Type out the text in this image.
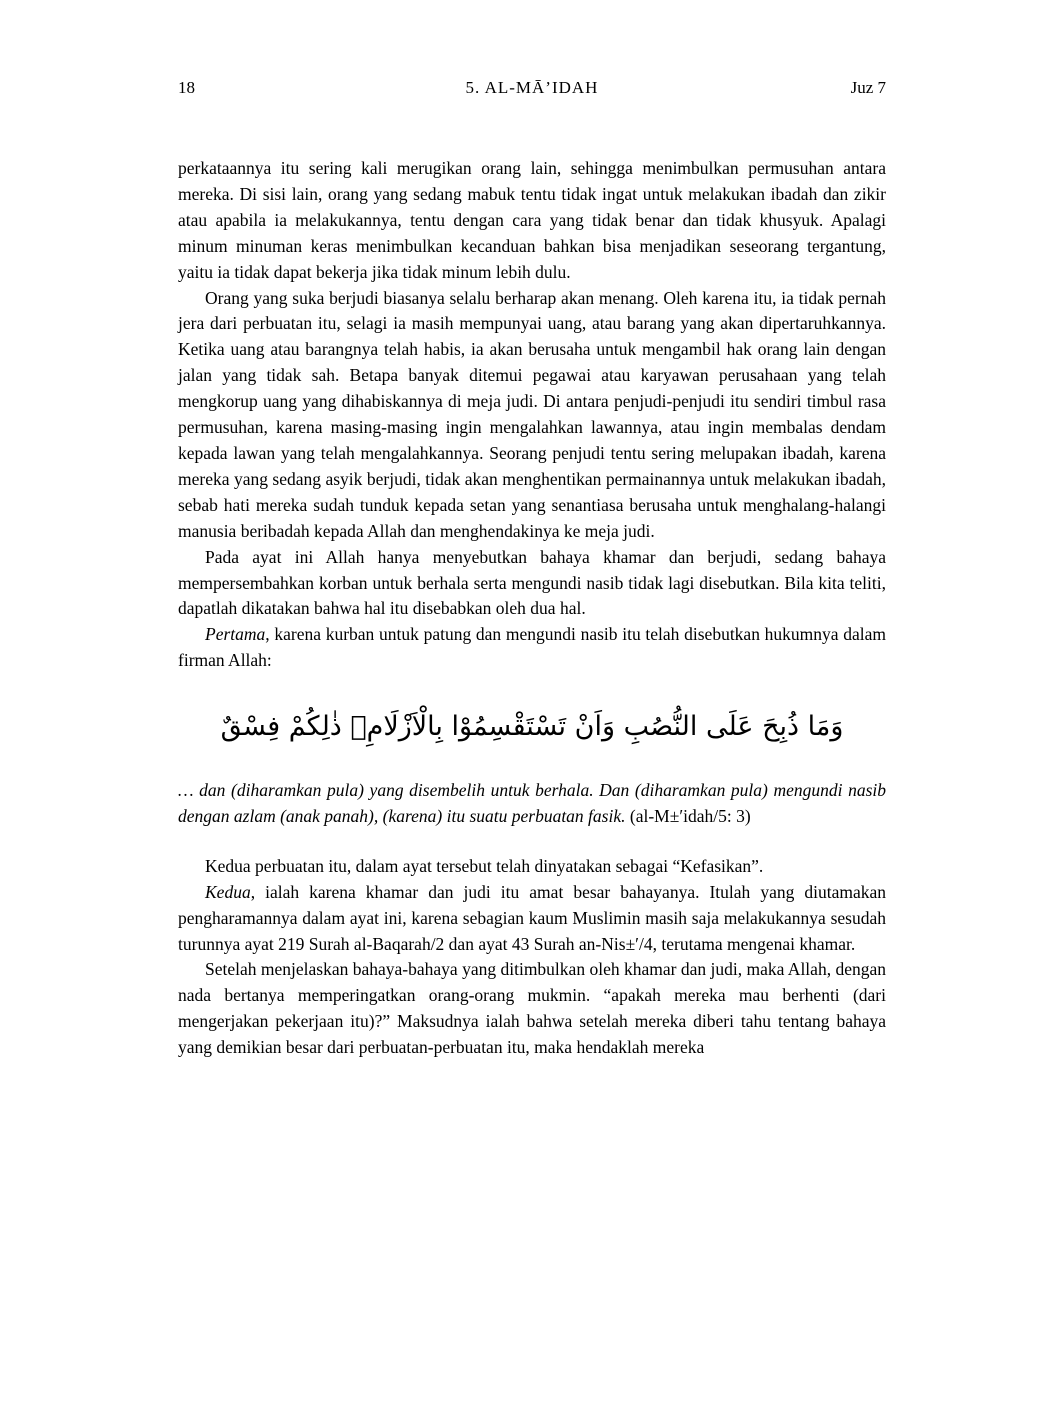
18	5. AL-MĀ’IDAH	Juz 7

perkataannya itu sering kali merugikan orang lain, sehingga menimbulkan permusuhan antara mereka. Di sisi lain, orang yang sedang mabuk tentu tidak ingat untuk melakukan ibadah dan zikir atau apabila ia melakukannya, tentu dengan cara yang tidak benar dan tidak khusyuk. Apalagi minum minuman keras menimbulkan kecanduan bahkan bisa menjadikan seseorang tergantung, yaitu ia tidak dapat bekerja jika tidak minum lebih dulu.

Orang yang suka berjudi biasanya selalu berharap akan menang. Oleh karena itu, ia tidak pernah jera dari perbuatan itu, selagi ia masih mempunyai uang, atau barang yang akan dipertaruhkannya. Ketika uang atau barangnya telah habis, ia akan berusaha untuk mengambil hak orang lain dengan jalan yang tidak sah. Betapa banyak ditemui pegawai atau karyawan perusahaan yang telah mengkorup uang yang dihabiskannya di meja judi. Di antara penjudi-penjudi itu sendiri timbul rasa permusuhan, karena masing-masing ingin mengalahkan lawannya, atau ingin membalas dendam kepada lawan yang telah mengalahkannya. Seorang penjudi tentu sering melupakan ibadah, karena mereka yang sedang asyik berjudi, tidak akan menghentikan permainannya untuk melakukan ibadah, sebab hati mereka sudah tunduk kepada setan yang senantiasa berusaha untuk menghalang-halangi manusia beribadah kepada Allah dan menghendakinya ke meja judi.

Pada ayat ini Allah hanya menyebutkan bahaya khamar dan berjudi, sedang bahaya mempersembahkan korban untuk berhala serta mengundi nasib tidak lagi disebutkan. Bila kita teliti, dapatlah dikatakan bahwa hal itu disebabkan oleh dua hal.

Pertama, karena kurban untuk patung dan mengundi nasib itu telah disebutkan hukumnya dalam firman Allah:

وَمَا ذُبِحَ عَلَى النُّصُبِ وَاَنْ تَسْتَقْسِمُوْا بِالْاَزْلَامِۗ ذٰلِكُمْ فِسْقٌ

… dan (diharamkan pula) yang disembelih untuk berhala. Dan (diharamkan pula) mengundi nasib dengan azlam (anak panah), (karena) itu suatu perbuatan fasik. (al-M±′idah/5: 3)

Kedua perbuatan itu, dalam ayat tersebut telah dinyatakan sebagai “Kefasikan”.

Kedua, ialah karena khamar dan judi itu amat besar bahayanya. Itulah yang diutamakan pengharamannya dalam ayat ini, karena sebagian kaum Muslimin masih saja melakukannya sesudah turunnya ayat 219 Surah al-Baqarah/2 dan ayat 43 Surah an-Nis±′/4, terutama mengenai khamar.

Setelah menjelaskan bahaya-bahaya yang ditimbulkan oleh khamar dan judi, maka Allah, dengan nada bertanya memperingatkan orang-orang mukmin. “apakah mereka mau berhenti (dari mengerjakan pekerjaan itu)?” Maksudnya ialah bahwa setelah mereka diberi tahu tentang bahaya yang demikian besar dari perbuatan-perbuatan itu, maka hendaklah mereka
